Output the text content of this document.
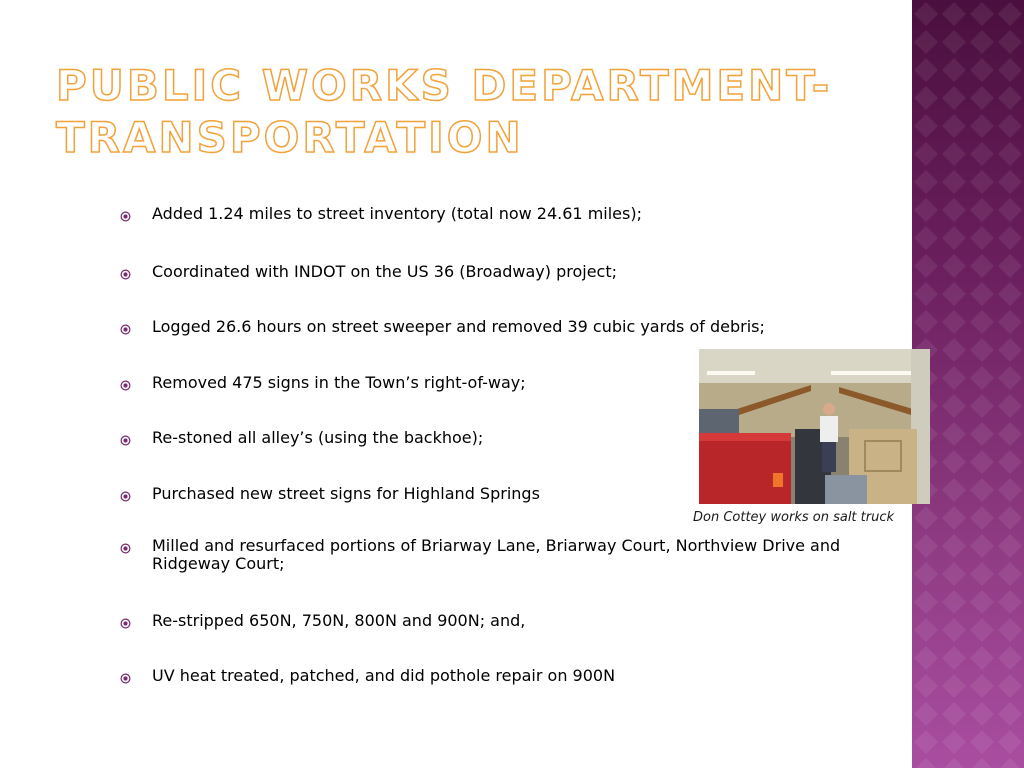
PUBLIC WORKS DEPARTMENT-
TRANSPORTATION
Added 1.24 miles to street inventory (total now 24.61 miles);
Coordinated with INDOT on the US 36 (Broadway) project;
Logged 26.6 hours on street sweeper and removed 39 cubic yards of debris;
Removed 475 signs in the Town’s right-of-way;
Re-stoned all alley’s (using the backhoe);
Purchased new street signs for Highland Springs
Milled and resurfaced portions of Briarway Lane, Briarway Court, Northview Drive and Ridgeway Court;
Re-stripped 650N, 750N, 800N and 900N; and,
UV heat treated, patched, and did pothole repair on 900N

Don Cottey works on salt truck
